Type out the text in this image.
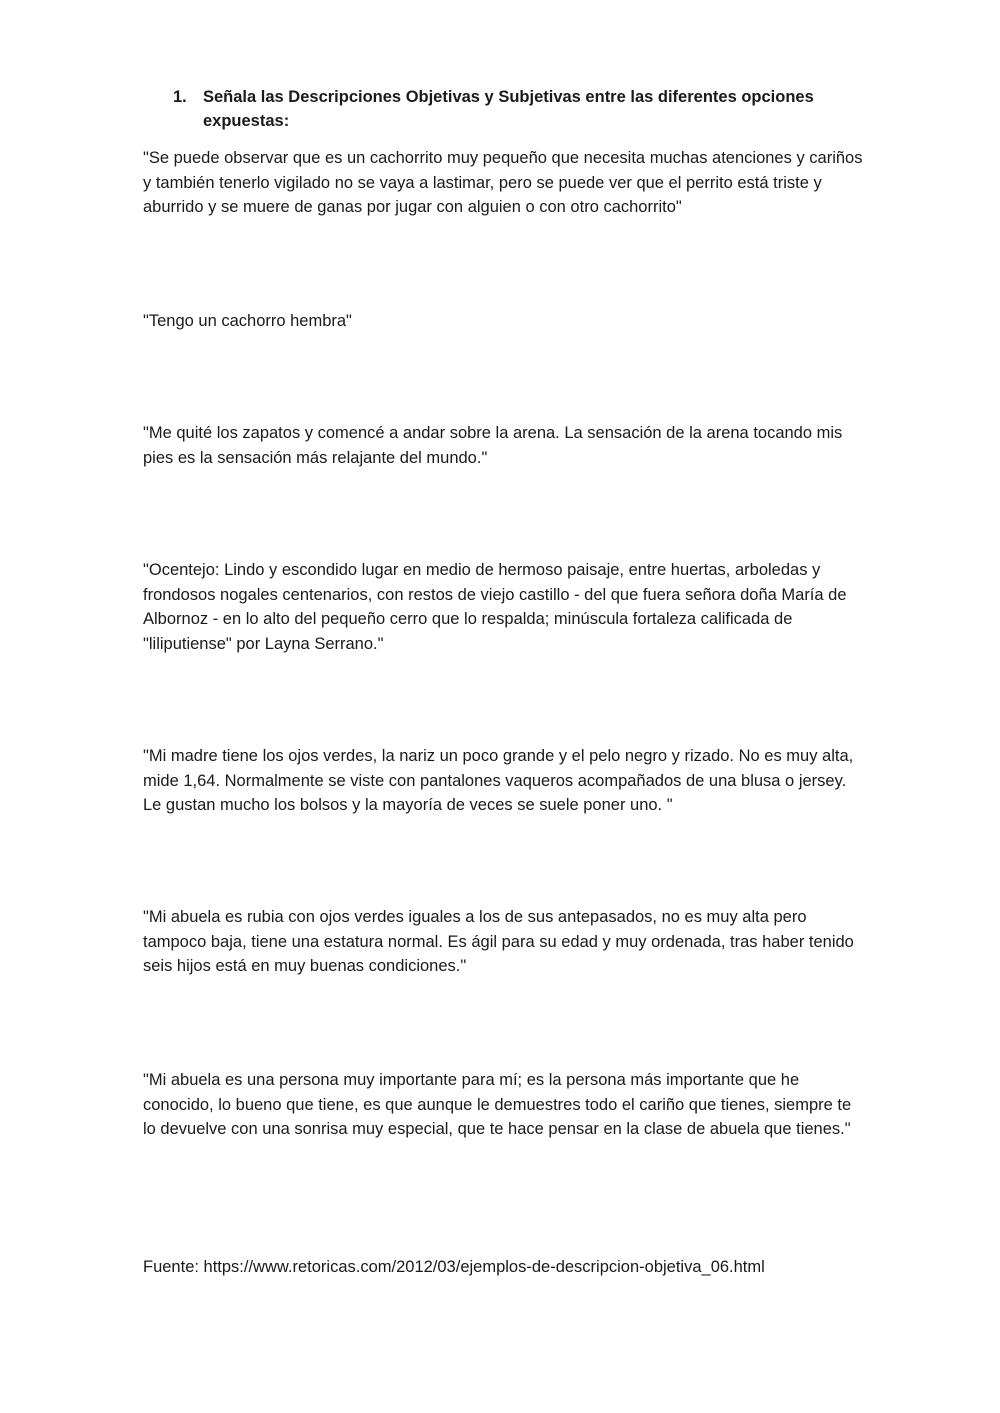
1. Señala las Descripciones Objetivas y Subjetivas entre las diferentes opciones expuestas:

"Se puede observar que es un cachorrito muy pequeño que necesita muchas atenciones y cariños y también tenerlo vigilado no se vaya a lastimar, pero se puede ver que el perrito está triste y aburrido y se muere de ganas por jugar con alguien o con otro cachorrito"

"Tengo un cachorro hembra"

"Me quité los zapatos y comencé a andar sobre la arena. La sensación de la arena tocando mis pies es la sensación más relajante del mundo."

"Ocentejo: Lindo y escondido lugar en medio de hermoso paisaje, entre huertas, arboledas y frondosos nogales centenarios, con restos de viejo castillo - del que fuera señora doña María de Albornoz - en lo alto del pequeño cerro que lo respalda; minúscula fortaleza calificada de "liliputiense" por Layna Serrano."

"Mi madre tiene los ojos verdes, la nariz un poco grande y el pelo negro y rizado. No es muy alta, mide 1,64. Normalmente se viste con pantalones vaqueros acompañados de una blusa o jersey. Le gustan mucho los bolsos y la mayoría de veces se suele poner uno. "

"Mi abuela es rubia con ojos verdes iguales a los de sus antepasados, no es muy alta pero tampoco baja, tiene una estatura normal. Es ágil para su edad y muy ordenada, tras haber tenido seis hijos está en muy buenas condiciones."

"Mi abuela es una persona muy importante para mí; es la persona más importante que he conocido, lo bueno que tiene, es que aunque le demuestres todo el cariño que tienes, siempre te lo devuelve con una sonrisa muy especial, que te hace pensar en la clase de abuela que tienes."

Fuente: https://www.retoricas.com/2012/03/ejemplos-de-descripcion-objetiva_06.html
